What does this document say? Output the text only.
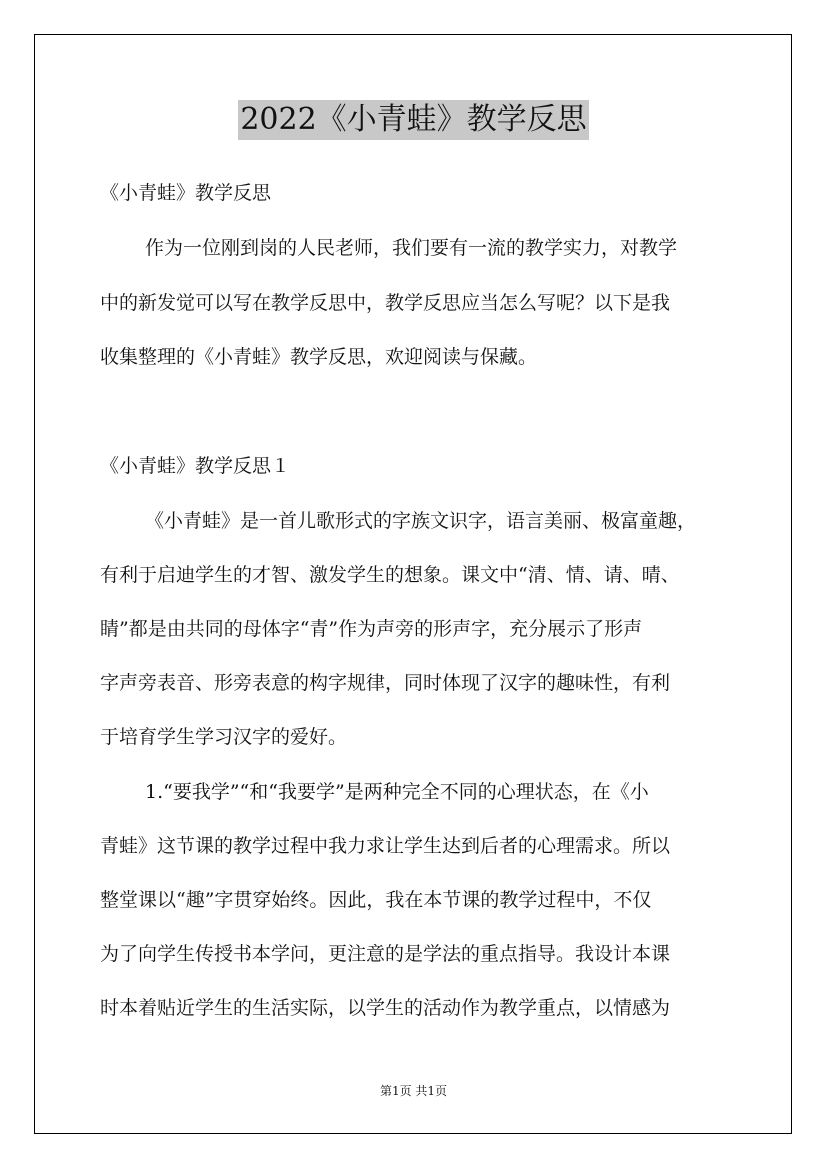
2022《小青蛙》教学反思
《小青蛙》教学反思
作为一位刚到岗的人民老师，我们要有一流的教学实力，对教学
中的新发觉可以写在教学反思中，教学反思应当怎么写呢？以下是我
收集整理的《小青蛙》教学反思，欢迎阅读与保藏。
《小青蛙》教学反思１
《小青蛙》是一首儿歌形式的字族文识字，语言美丽、极富童趣，
有利于启迪学生的才智、激发学生的想象。课文中“清、情、请、晴、
睛”都是由共同的母体字“青”作为声旁的形声字，充分展示了形声
字声旁表音、形旁表意的构字规律，同时体现了汉字的趣味性，有利
于培育学生学习汉字的爱好。
1.“要我学”“和“我要学”是两种完全不同的心理状态，在《小
青蛙》这节课的教学过程中我力求让学生达到后者的心理需求。所以
整堂课以“趣”字贯穿始终。因此，我在本节课的教学过程中，不仅
为了向学生传授书本学问，更注意的是学法的重点指导。我设计本课
时本着贴近学生的生活实际，以学生的活动作为教学重点，以情感为
第1页 共1页
